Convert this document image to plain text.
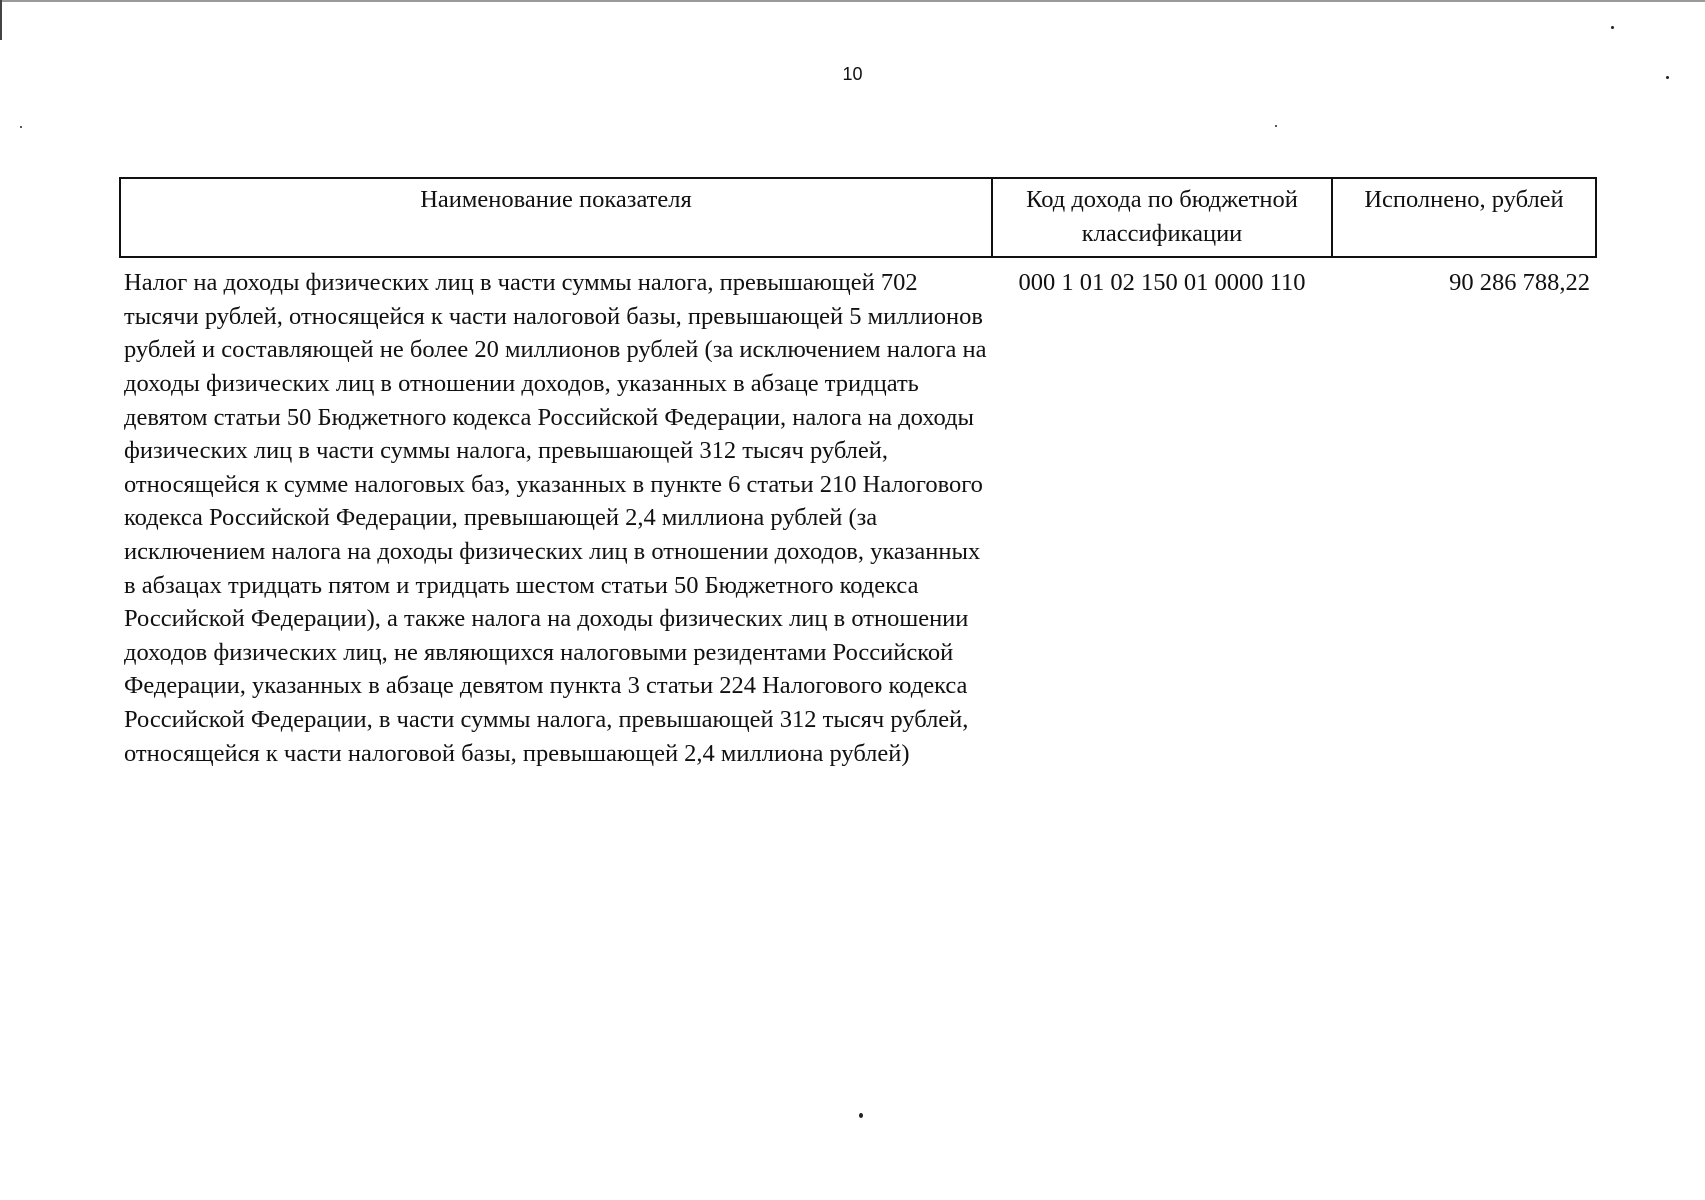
10
Наименование показателя	Код дохода по бюджетной классификации	Исполнено, рублей
Налог на доходы физических лиц в части суммы налога, превышающей 702 тысячи рублей, относящейся к части налоговой базы, превышающей 5 миллионов рублей и составляющей не более 20 миллионов рублей (за исключением налога на доходы физических лиц в отношении доходов, указанных в абзаце тридцать девятом статьи 50 Бюджетного кодекса Российской Федерации, налога на доходы физических лиц в части суммы налога, превышающей 312 тысяч рублей, относящейся к сумме налоговых баз, указанных в пункте 6 статьи 210 Налогового кодекса Российской Федерации, превышающей 2,4 миллиона рублей (за исключением налога на доходы физических лиц в отношении доходов, указанных в абзацах тридцать пятом и тридцать шестом статьи 50 Бюджетного кодекса Российской Федерации), а также налога на доходы физических лиц в отношении доходов физических лиц, не являющихся налоговыми резидентами Российской Федерации, указанных в абзаце девятом пункта 3 статьи 224 Налогового кодекса Российской Федерации, в части суммы налога, превышающей 312 тысяч рублей, относящейся к части налоговой базы, превышающей 2,4 миллиона рублей)	000 1 01 02 150 01 0000 110	90 286 788,22
